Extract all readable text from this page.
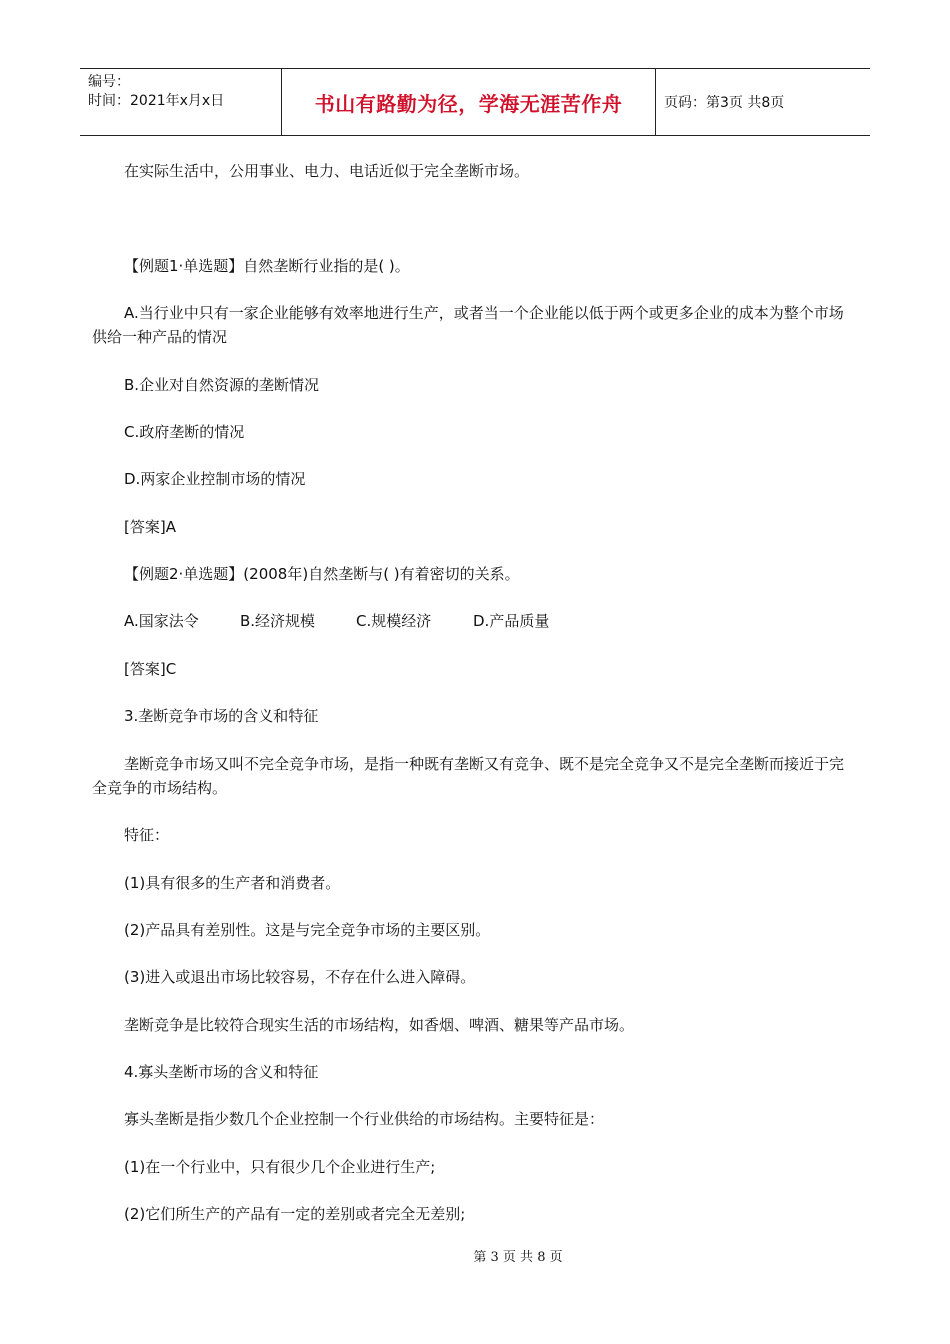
编号：
时间：2021年x月x日	书山有路勤为径，学海无涯苦作舟	页码：第3页 共8页
在实际生活中，公用事业、电力、电话近似于完全垄断市场。
【例题1·单选题】自然垄断行业指的是( )。
A.当行业中只有一家企业能够有效率地进行生产，或者当一个企业能以低于两个或更多企业的成本为整个市场供给一种产品的情况
B.企业对自然资源的垄断情况
C.政府垄断的情况
D.两家企业控制市场的情况
[答案]A
【例题2·单选题】(2008年)自然垄断与( )有着密切的关系。
A.国家法令	B.经济规模	C.规模经济	D.产品质量
[答案]C
3.垄断竞争市场的含义和特征
垄断竞争市场又叫不完全竞争市场，是指一种既有垄断又有竞争、既不是完全竞争又不是完全垄断而接近于完全竞争的市场结构。
特征：
(1)具有很多的生产者和消费者。
(2)产品具有差别性。这是与完全竞争市场的主要区别。
(3)进入或退出市场比较容易，不存在什么进入障碍。
垄断竞争是比较符合现实生活的市场结构，如香烟、啤酒、糖果等产品市场。
4.寡头垄断市场的含义和特征
寡头垄断是指少数几个企业控制一个行业供给的市场结构。主要特征是：
(1)在一个行业中，只有很少几个企业进行生产;
(2)它们所生产的产品有一定的差别或者完全无差别;
第 3 页 共 8 页
